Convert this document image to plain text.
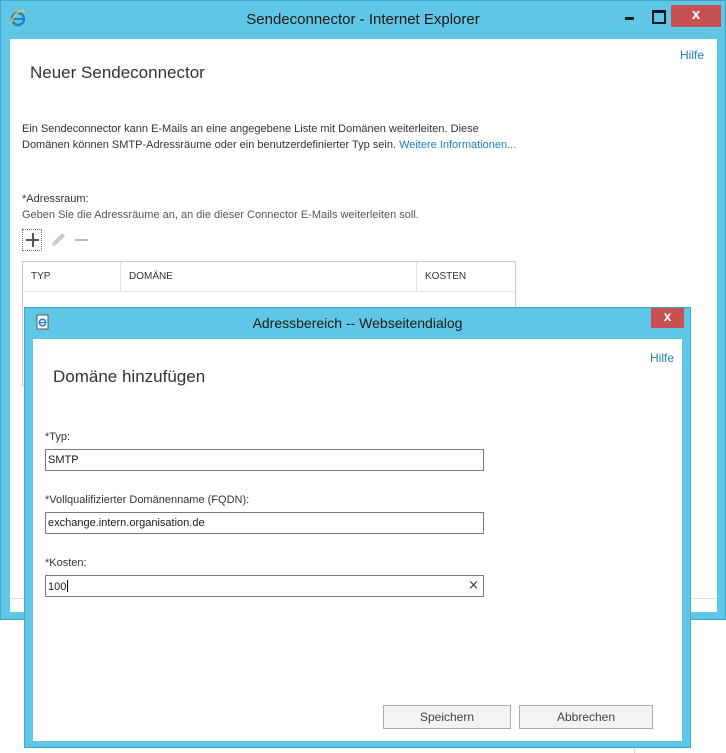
Sendeconnector - Internet Explorer	x
Hilfe
Neuer Sendeconnector
Ein Sendeconnector kann E-Mails an eine angegebene Liste mit Domänen weiterleiten. Diese Domänen können SMTP-Adressräume oder ein benutzerdefinierter Typ sein. Weitere Informationen...
*Adressraum:
Geben Sie die Adressräume an, an die dieser Connector E-Mails weiterleiten soll.
TYP	DOMÄNE	KOSTEN
Adressbereich -- Webseitendialog	x
Hilfe
Domäne hinzufügen
*Typ:
SMTP
*Vollqualifizierter Domänenname (FQDN):
exchange.intern.organisation.de
*Kosten:
100	×
Speichern	Abbrechen
